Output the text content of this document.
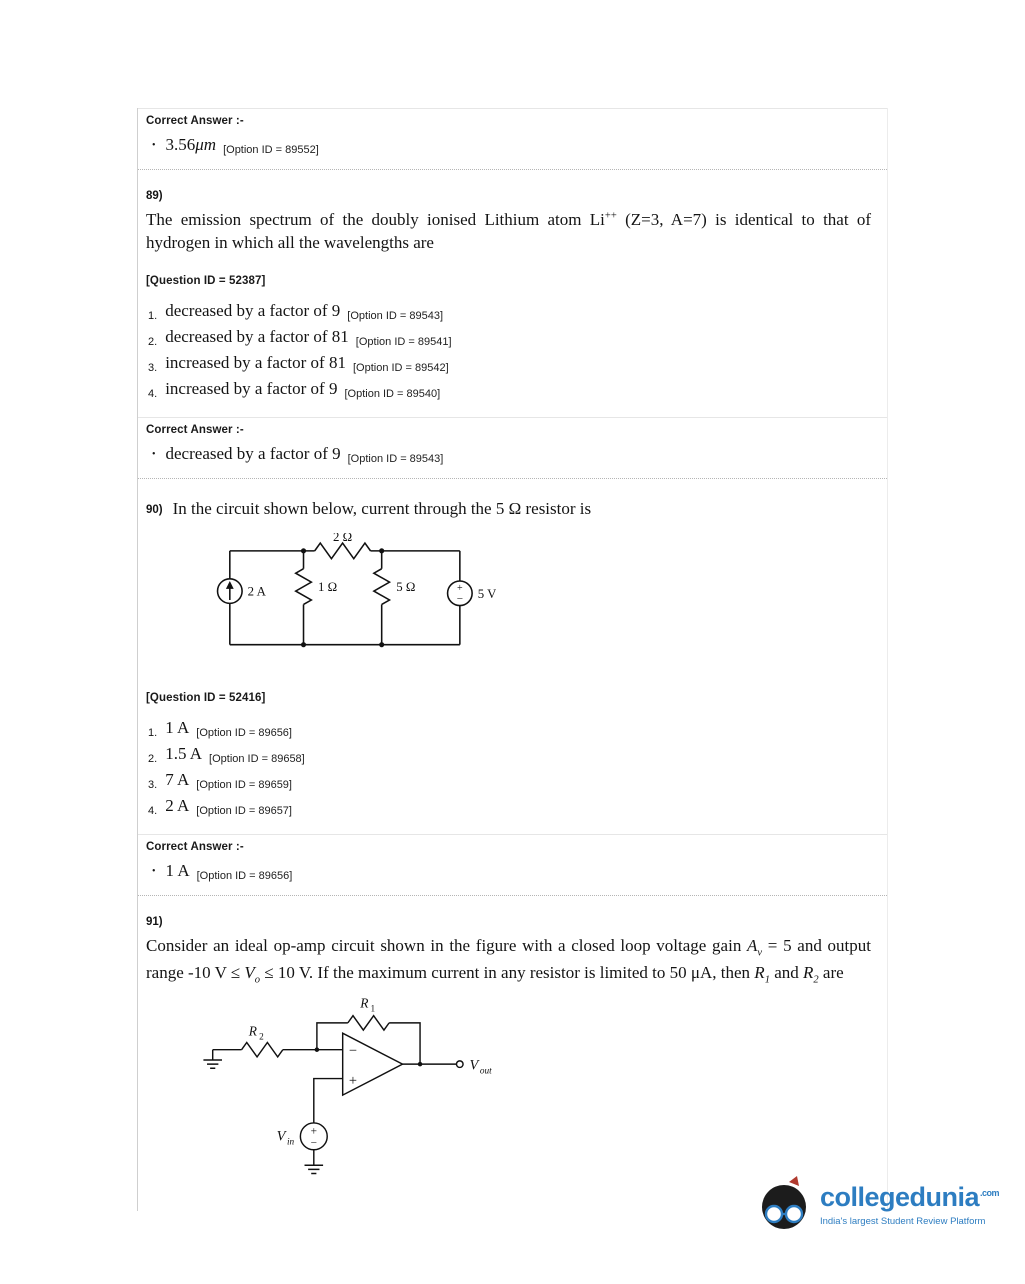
Correct Answer :-
• 3.56 μm [Option ID = 89552]
89)
The emission spectrum of the doubly ionised Lithium atom Li++ (Z=3, A=7) is identical to that of hydrogen in which all the wavelengths are
[Question ID = 52387]
1. decreased by a factor of 9 [Option ID = 89543]
2. decreased by a factor of 81 [Option ID = 89541]
3. increased by a factor of 81 [Option ID = 89542]
4. increased by a factor of 9 [Option ID = 89540]
Correct Answer :-
• decreased by a factor of 9 [Option ID = 89543]
90) In the circuit shown below, current through the 5 Ω resistor is
2 Ω
2 A	1 Ω	5 Ω	5 V
+
−
[Question ID = 52416]
1. 1 A [Option ID = 89656]
2. 1.5 A [Option ID = 89658]
3. 7 A [Option ID = 89659]
4. 2 A [Option ID = 89657]
Correct Answer :-
• 1 A [Option ID = 89656]
91)
Consider an ideal op-amp circuit shown in the figure with a closed loop voltage gain $A_v = 5$ and output range -10 $V \le V_o \le 10$ V. If the maximum current in any resistor is limited to 50 μA, then $R_1$ and $R_2$ are
R 1
R 2
−
+
V out
V in
+
−
collegedunia$^{.com}$
India's largest Student Review Platform
